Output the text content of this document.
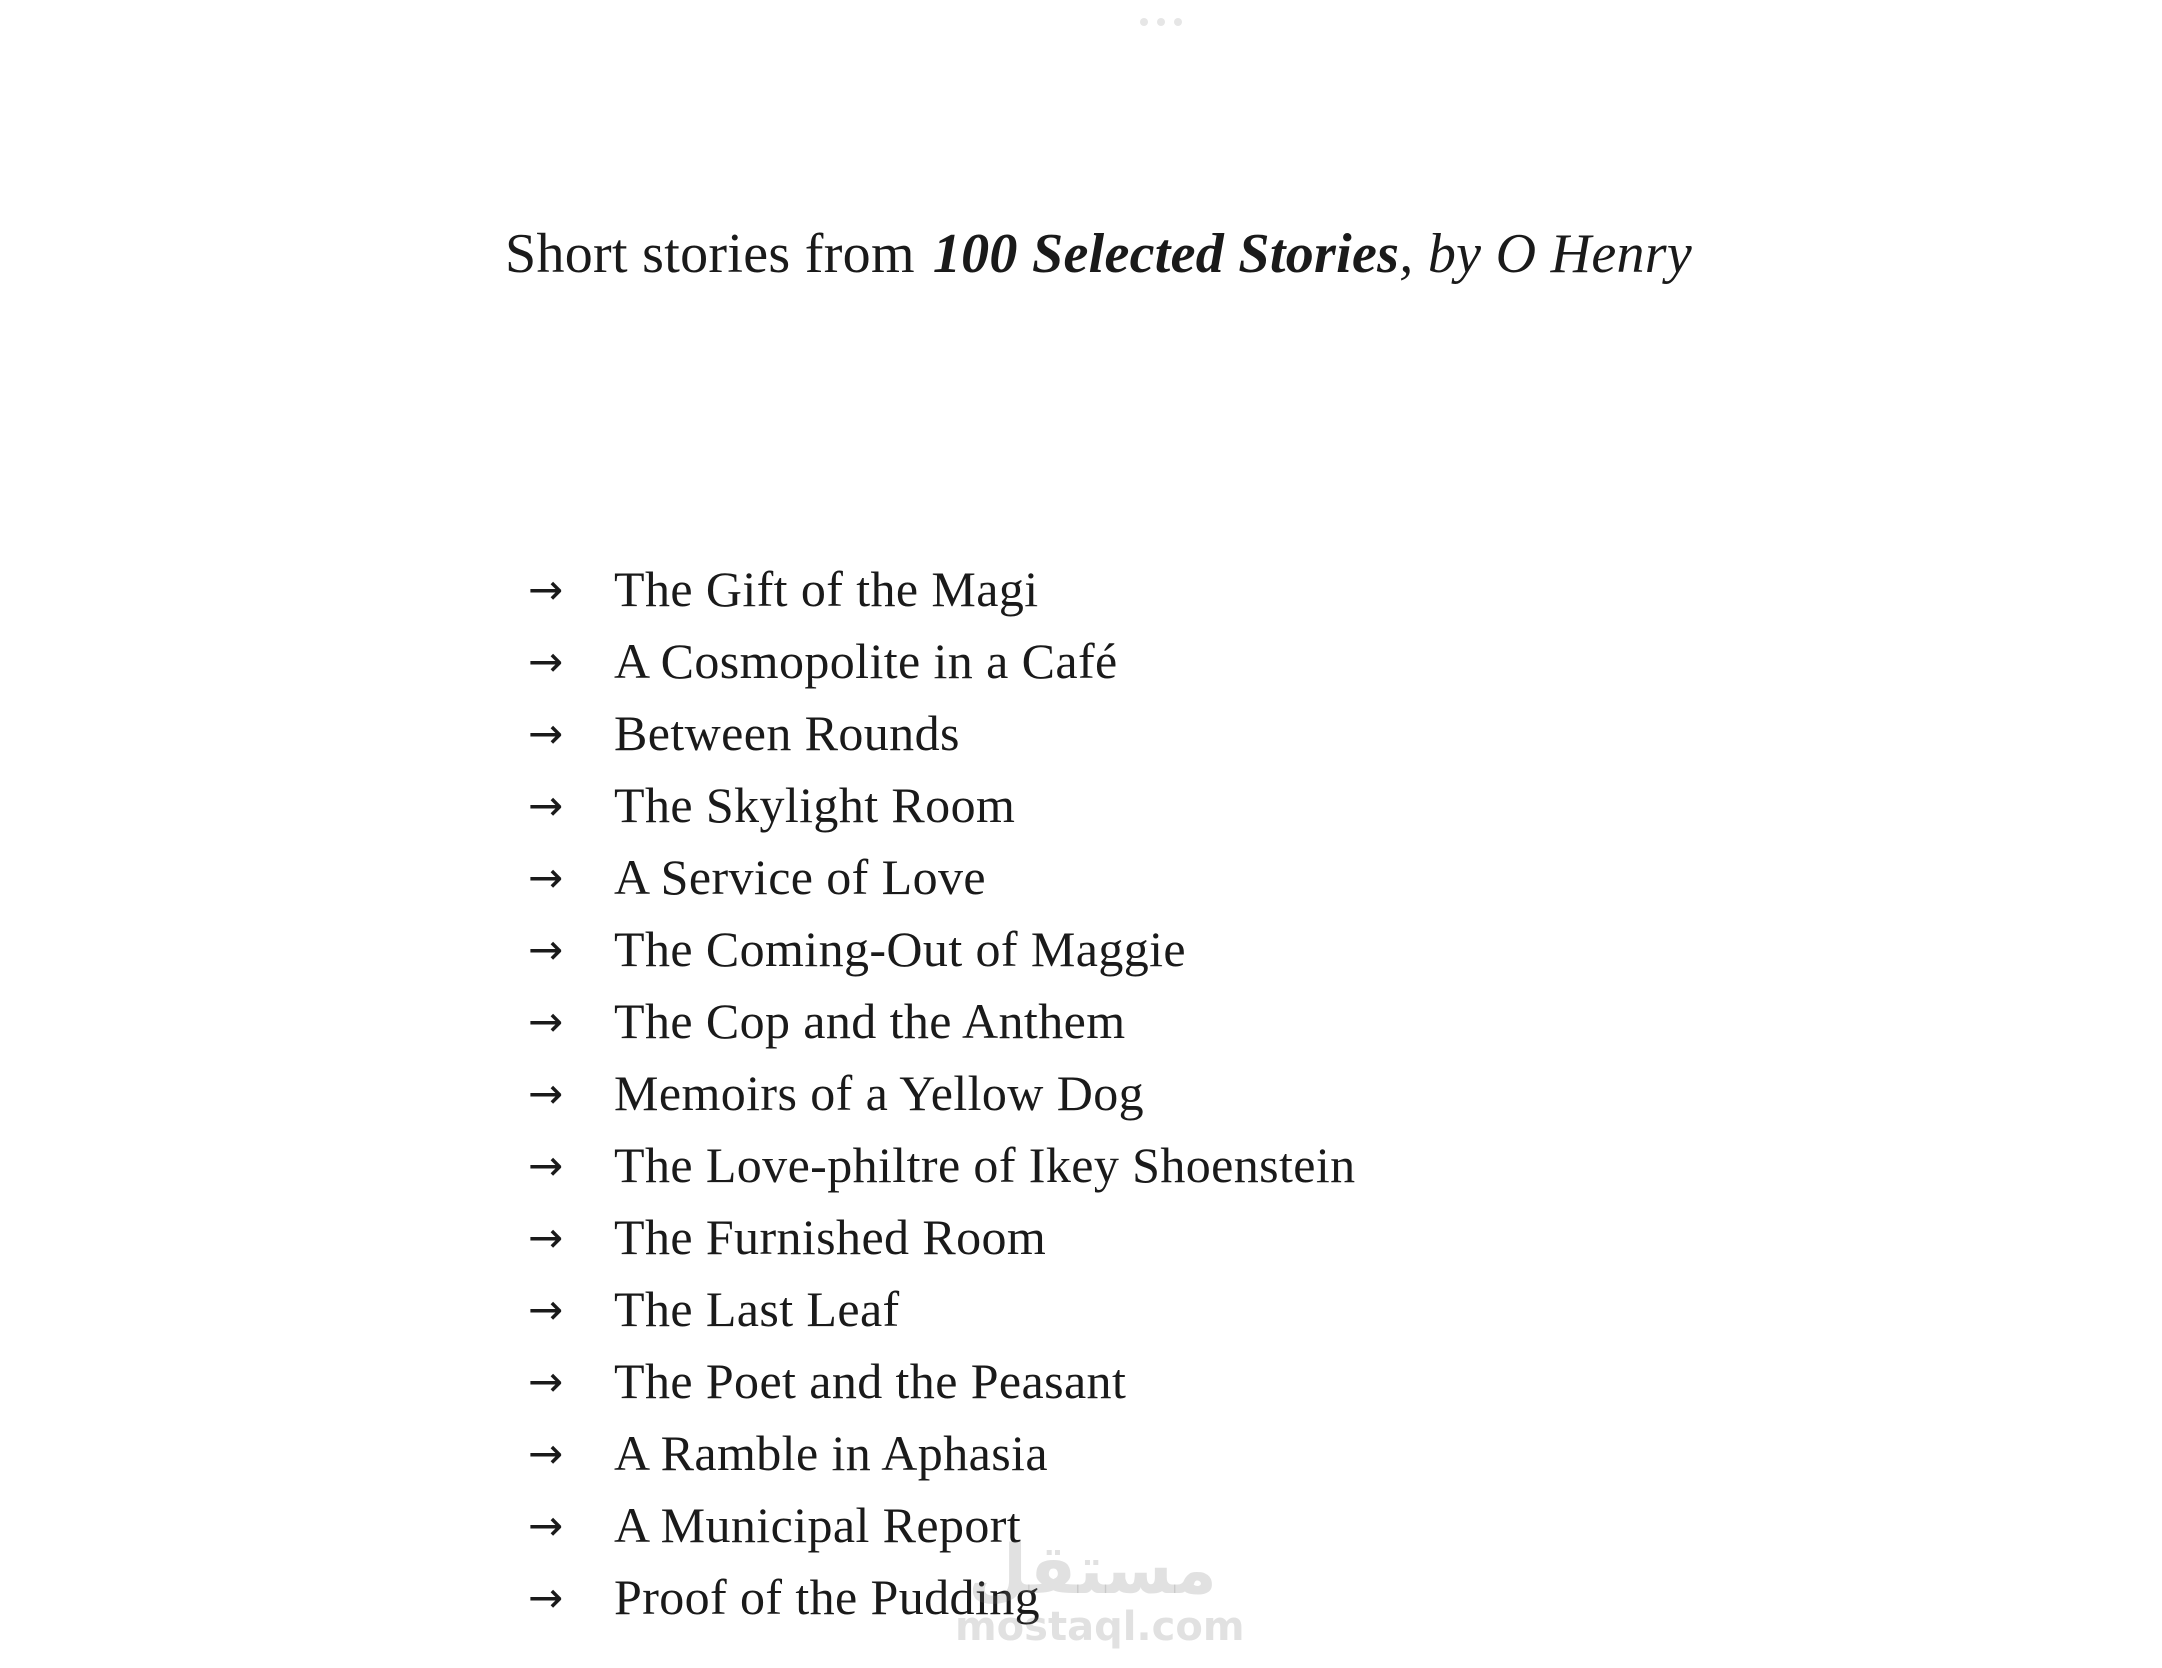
Short stories from 100 Selected Stories, by O Henry
→	The Gift of the Magi
→	A Cosmopolite in a Café
→	Between Rounds
→	The Skylight Room
→	A Service of Love
→	The Coming-Out of Maggie
→	The Cop and the Anthem
→	Memoirs of a Yellow Dog
→	The Love-philtre of Ikey Shoenstein
→	The Furnished Room
→	The Last Leaf
→	The Poet and the Peasant
→	A Ramble in Aphasia
→	A Municipal Report
→	Proof of the Pudding
مستقل
mostaql.com
